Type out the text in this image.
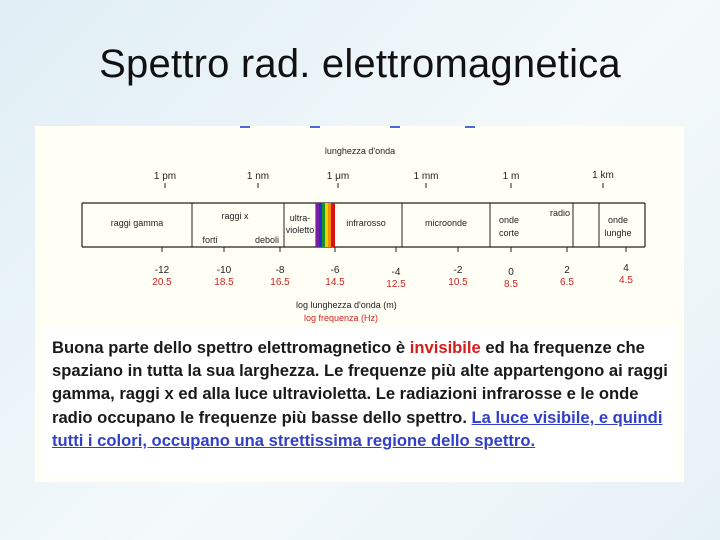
Spettro rad. elettromagnetica
lunghezza d'onda
1 pm	1 nm	1 μm	1 mm	1 m	1 km
raggi gamma
raggi x
forti	deboli
ultra-
violetto
infrarosso	microonde	onde
corte
radio
onde
lunghe
-12	-10	-8	-6	-4	-2	0	2	4
20.5	18.5	16.5	14.5	12.5	10.5	8.5	6.5	4.5
log lunghezza d'onda (m)
log frequenza (Hz)
Buona parte dello spettro elettromagnetico è invisibile ed ha frequenze che spaziano in tutta la sua larghezza. Le frequenze più alte appartengono ai raggi gamma, raggi x ed alla luce ultravioletta. Le radiazioni infrarosse e le onde radio occupano le frequenze più basse dello spettro. La luce visibile, e quindi tutti i colori, occupano una strettissima regione dello spettro.
